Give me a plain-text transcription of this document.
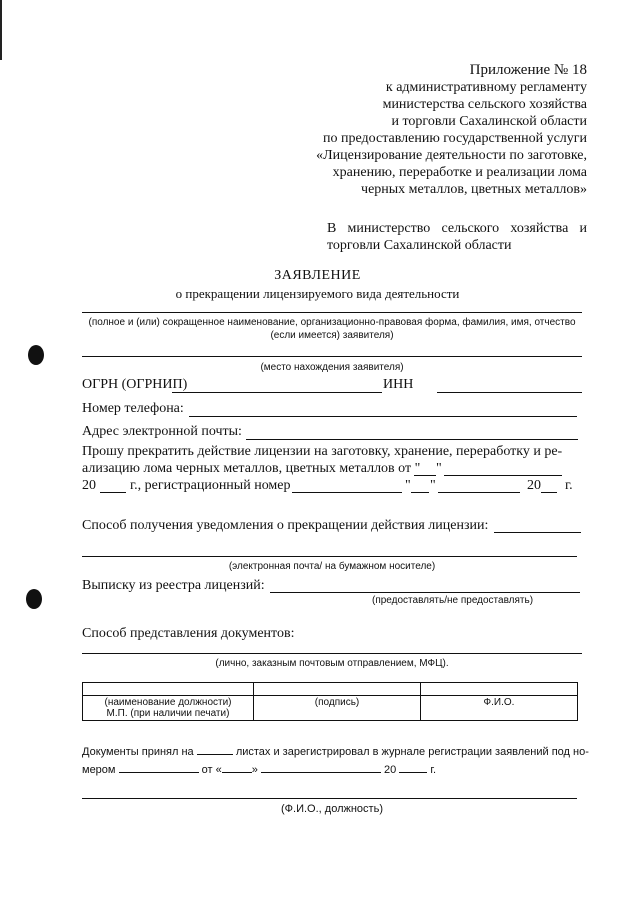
Приложение № 18
к административному регламенту
министерства сельского хозяйства
и торговли Сахалинской области
по предоставлению государственной услуги
«Лицензирование деятельности по заготовке,
хранению, переработке и реализации лома
черных металлов, цветных металлов»
В министерство сельского хозяйства и торговли Сахалинской области
ЗАЯВЛЕНИЕ
о прекращении лицензируемого вида деятельности
(полное и (или) сокращенное наименование, организационно-правовая форма, фамилия, имя, отчество (если имеется) заявителя)
(место нахождения заявителя)
ОГРН (ОГРНИП)	ИНН
Номер телефона:
Адрес электронной почты:
Прошу прекратить действие лицензии на заготовку, хранение, переработку и ре-
ализацию лома черных металлов, цветных металлов от " "
20 г., регистрационный номер	" "	20 г.
Способ получения уведомления о прекращении действия лицензии:
(электронная почта/ на бумажном носителе)
Выписку из реестра лицензий:
(предоставлять/не предоставлять)
Способ представления документов:
(лично, заказным почтовым отправлением, МФЦ).

(наименование должности)
М.П. (при наличии печати)	(подпись)	Ф.И.О.
Документы принял на	листах и зарегистрировал в журнале регистрации заявлений под но-
мером	от «	»	20	г.
(Ф.И.О., должность)
